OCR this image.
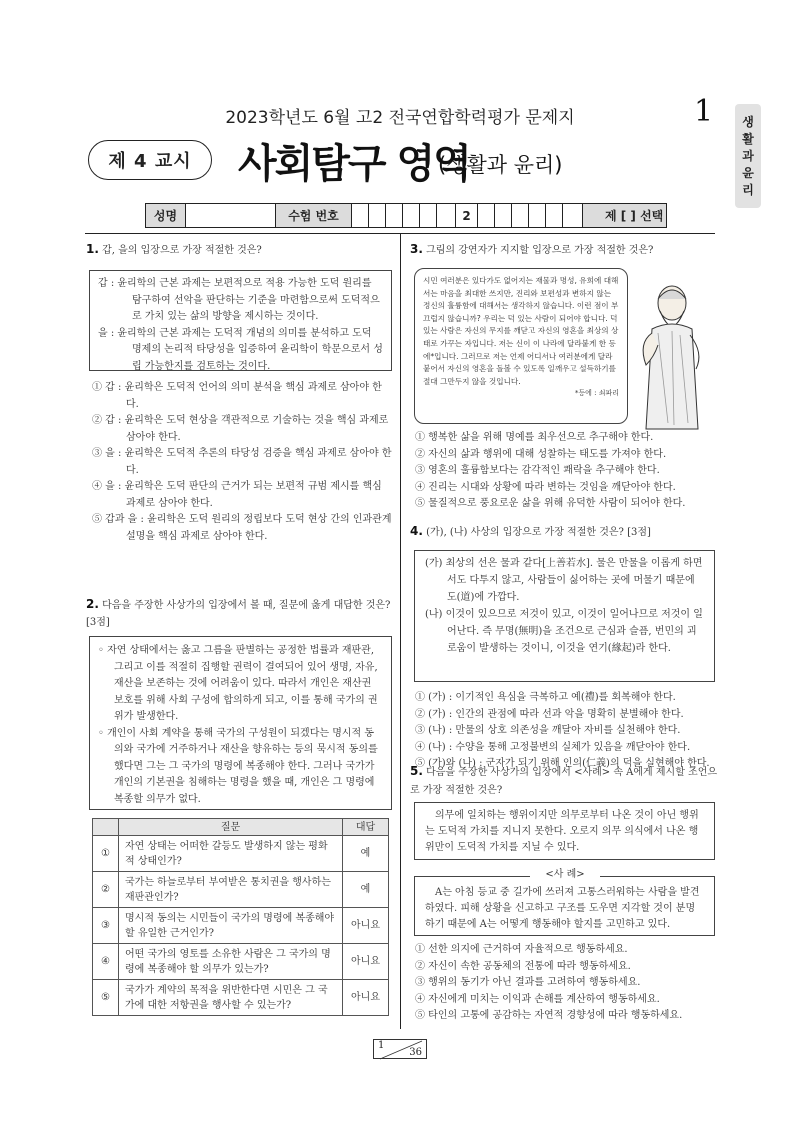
2023학년도 6월 고2 전국연합학력평가 문제지	1 생
활
과
윤
리
제 4 교시	사회탐구 영역
(생활과 윤리)
성명	수험 번호	2	제 [ ] 선택
1. 갑, 을의 입장으로 가장 적절한 것은?
갑 : 윤리학의 근본 과제는 보편적으로 적용 가능한 도덕 원리를 탐구하여 선악을 판단하는 기준을 마련함으로써 도덕적으로 가치 있는 삶의 방향을 제시하는 것이다.
을 : 윤리학의 근본 과제는 도덕적 개념의 의미를 분석하고 도덕 명제의 논리적 타당성을 입증하여 윤리학이 학문으로서 성립 가능한지를 검토하는 것이다.
① 갑 : 윤리학은 도덕적 언어의 의미 분석을 핵심 과제로 삼아야 한다.
② 갑 : 윤리학은 도덕 현상을 객관적으로 기술하는 것을 핵심 과제로 삼아야 한다.
③ 을 : 윤리학은 도덕적 추론의 타당성 검증을 핵심 과제로 삼아야 한다.
④ 을 : 윤리학은 도덕 판단의 근거가 되는 보편적 규범 제시를 핵심 과제로 삼아야 한다.
⑤ 갑과 을 : 윤리학은 도덕 원리의 정립보다 도덕 현상 간의 인과관계 설명을 핵심 과제로 삼아야 한다.
2. 다음을 주장한 사상가의 입장에서 볼 때, 질문에 옳게 대답한 것은? [3점]
◦ 자연 상태에서는 옳고 그름을 판별하는 공정한 법률과 재판관, 그리고 이를 적절히 집행할 권력이 결여되어 있어 생명, 자유, 재산을 보존하는 것에 어려움이 있다. 따라서 개인은 재산권 보호를 위해 사회 구성에 합의하게 되고, 이를 통해 국가의 권위가 발생한다.
◦ 개인이 사회 계약을 통해 국가의 구성원이 되겠다는 명시적 동의와 국가에 거주하거나 재산을 향유하는 등의 묵시적 동의를 했다면 그는 그 국가의 명령에 복종해야 한다. 그러나 국가가 개인의 기본권을 침해하는 명령을 했을 때, 개인은 그 명령에 복종할 의무가 없다.
	질문	대답
①	자연 상태는 어떠한 갈등도 발생하지 않는 평화적 상태인가?	예
②	국가는 하늘로부터 부여받은 통치권을 행사하는 재판관인가?	예
③	명시적 동의는 시민들이 국가의 명령에 복종해야 할 유일한 근거인가?	아니요
④	어떤 국가의 영토를 소유한 사람은 그 국가의 명령에 복종해야 할 의무가 있는가?	아니요
⑤	국가가 계약의 목적을 위반한다면 시민은 그 국가에 대한 저항권을 행사할 수 있는가?	아니요
3. 그림의 강연자가 지지할 입장으로 가장 적절한 것은?
시민 여러분은 있다가도 없어지는 재물과 명성, 유희에 대해서는 마음을 최대한 쓰지만, 진리와 보편성과 변하지 않는 정신의 훌륭함에 대해서는 생각하지 않습니다. 이런 점이 부끄럽지 않습니까? 우리는 덕 있는 사람이 되어야 합니다. 덕 있는 사람은 자신의 무지를 깨닫고 자신의 영혼을 최상의 상태로 가꾸는 자입니다. 저는 신이 이 나라에 달라붙게 한 등에*입니다. 그러므로 저는 언제 어디서나 여러분에게 달라붙어서 자신의 영혼을 돌볼 수 있도록 일깨우고 설득하기를 절대 그만두지 않을 것입니다.
*등에 : 쇠파리
① 행복한 삶을 위해 명예를 최우선으로 추구해야 한다.
② 자신의 삶과 행위에 대해 성찰하는 태도를 가져야 한다.
③ 영혼의 훌륭함보다는 감각적인 쾌락을 추구해야 한다.
④ 진리는 시대와 상황에 따라 변하는 것임을 깨닫아야 한다.
⑤ 물질적으로 풍요로운 삶을 위해 유덕한 사람이 되어야 한다.
4. (가), (나) 사상의 입장으로 가장 적절한 것은? [3점]
(가) 최상의 선은 물과 같다[上善若水]. 물은 만물을 이롭게 하면서도 다투지 않고, 사람들이 싫어하는 곳에 머물기 때문에 도(道)에 가깝다.
(나) 이것이 있으므로 저것이 있고, 이것이 일어나므로 저것이 일어난다. 즉 무명(無明)을 조건으로 근심과 슬픔, 번민의 괴로움이 발생하는 것이니, 이것을 연기(緣起)라 한다.
① (가) : 이기적인 욕심을 극복하고 예(禮)를 회복해야 한다.
② (가) : 인간의 관점에 따라 선과 악을 명확히 분별해야 한다.
③ (나) : 만물의 상호 의존성을 깨달아 자비를 실천해야 한다.
④ (나) : 수양을 통해 고정불변의 실체가 있음을 깨닫아야 한다.
⑤ (가)와 (나) : 군자가 되기 위해 인의(仁義)의 덕을 실현해야 한다.
5. 다음을 주장한 사상가의 입장에서 <사례> 속 A에게 제시할 조언으로 가장 적절한 것은?
의무에 일치하는 행위이지만 의무로부터 나온 것이 아닌 행위는 도덕적 가치를 지니지 못한다. 오로지 의무 의식에서 나온 행위만이 도덕적 가치를 지닐 수 있다.
A는 아침 등교 중 길가에 쓰러져 고통스러워하는 사람을 발견하였다. 피해 상황을 신고하고 구조를 도우면 지각할 것이 분명하기 때문에 A는 어떻게 행동해야 할지를 고민하고 있다.
<사 례>
① 선한 의지에 근거하여 자율적으로 행동하세요.
② 자신이 속한 공동체의 전통에 따라 행동하세요.
③ 행위의 동기가 아닌 결과를 고려하여 행동하세요.
④ 자신에게 미치는 이익과 손해를 계산하여 행동하세요.
⑤ 타인의 고통에 공감하는 자연적 경향성에 따라 행동하세요.
1
36
